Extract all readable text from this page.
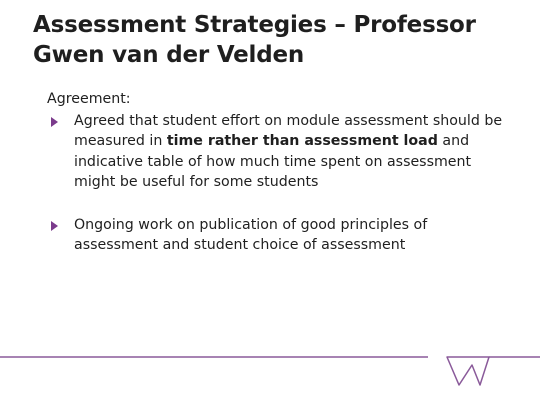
Assessment Strategies – Professor Gwen van der Velden

Agreement:

Agreed that student effort on module assessment should be measured in time rather than assessment load and indicative table of how much time spent on assessment might be useful for some students

Ongoing work on publication of good principles of assessment and student choice of assessment
